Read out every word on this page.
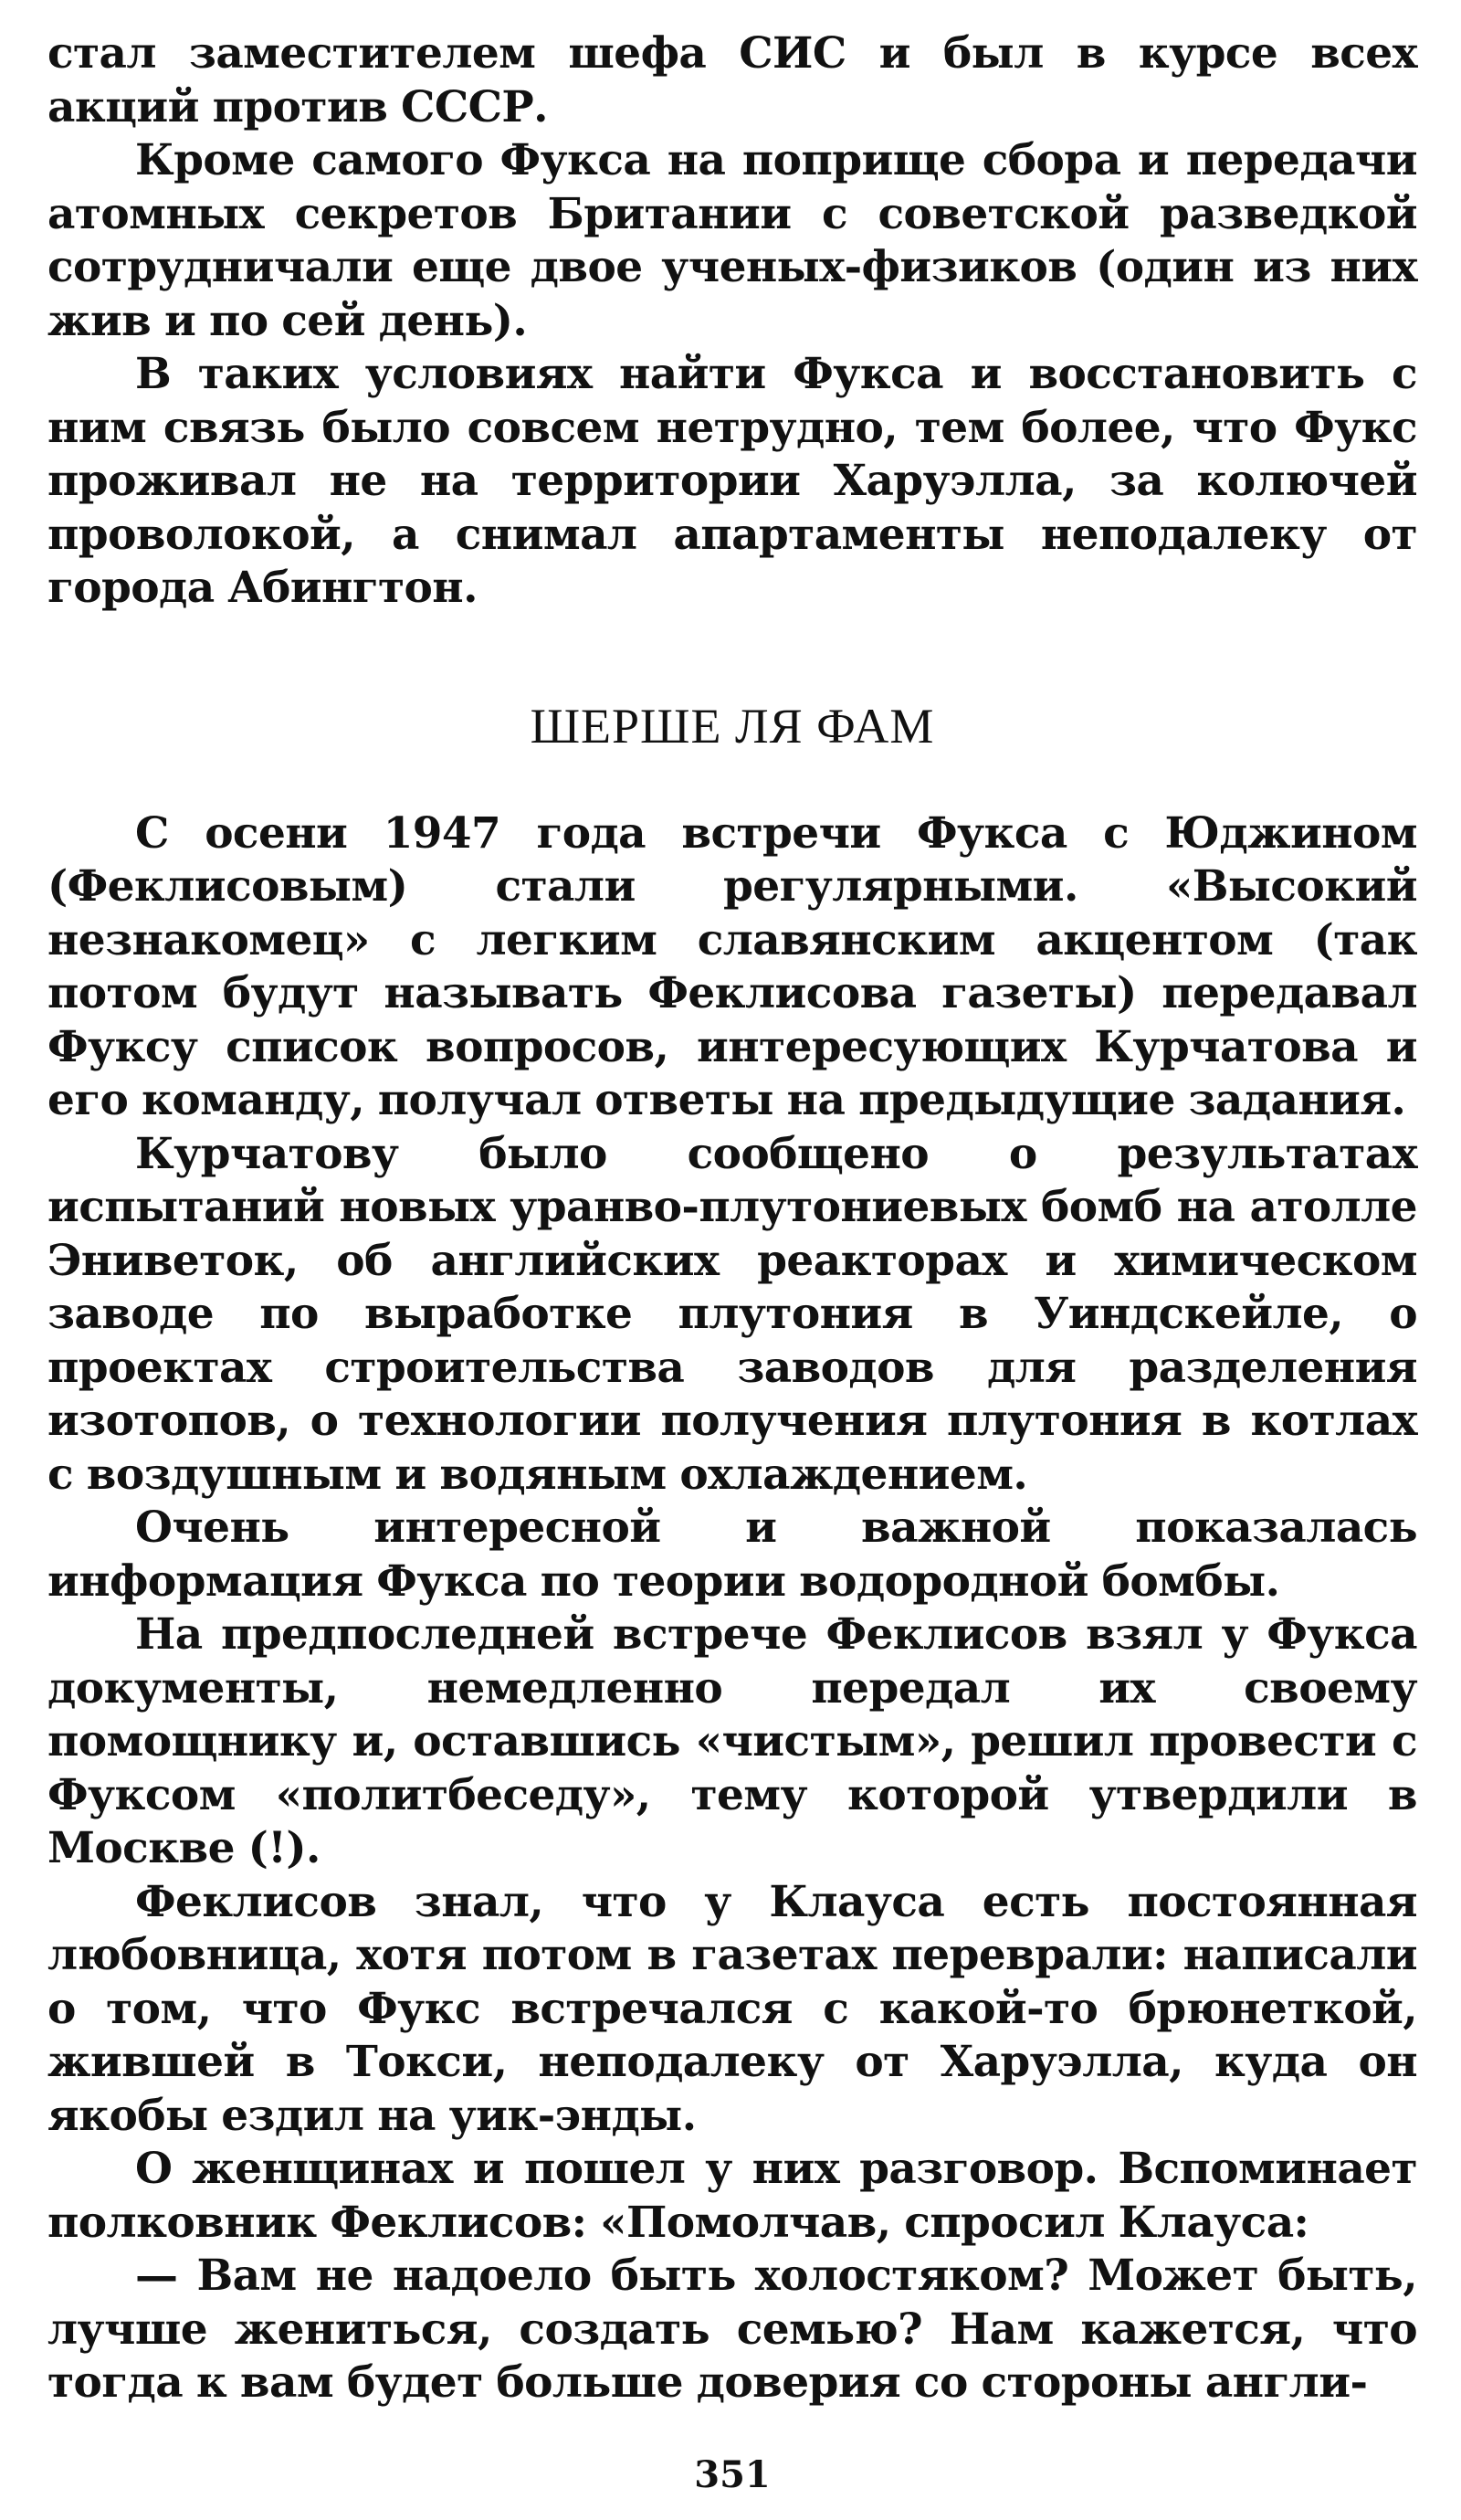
стал заместителем шефа СИС и был в курсе всех акций против СССР.

Кроме самого Фукса на поприще сбора и передачи атомных секретов Британии с советской разведкой сотрудничали еще двое ученых-физиков (один из них жив и по сей день).

В таких условиях найти Фукса и восстановить с ним связь было совсем нетрудно, тем более, что Фукс проживал не на территории Харуэлла, за колючей проволокой, а снимал апартаменты неподалеку от города Абингтон.

ШЕРШЕ ЛЯ ФАМ

С осени 1947 года встречи Фукса с Юджином (Феклисовым) стали регулярными. «Высокий незнакомец» с легким славянским акцентом (так потом будут называть Феклисова газеты) передавал Фуксу список вопросов, интересующих Курчатова и его команду, получал ответы на предыдущие задания.

Курчатову было сообщено о результатах испытаний новых уранво-плутониевых бомб на атолле Эниветок, об английских реакторах и химическом заводе по выработке плутония в Уиндскейле, о проектах строительства заводов для разделения изотопов, о технологии получения плутония в котлах с воздушным и водяным охлаждением.

Очень интересной и важной показалась информация Фукса по теории водородной бомбы.

На предпоследней встрече Феклисов взял у Фукса документы, немедленно передал их своему помощнику и, оставшись «чистым», решил провести с Фуксом «политбеседу», тему которой утвердили в Москве (!).

Феклисов знал, что у Клауса есть постоянная любовница, хотя потом в газетах переврали: написали о том, что Фукс встречался с какой-то брюнеткой, жившей в Токси, неподалеку от Харуэлла, куда он якобы ездил на уик-энды.

О женщинах и пошел у них разговор. Вспоминает полковник Феклисов: «Помолчав, спросил Клауса:

— Вам не надоело быть холостяком? Может быть, лучше жениться, создать семью? Нам кажется, что тогда к вам будет больше доверия со стороны англи-

351
